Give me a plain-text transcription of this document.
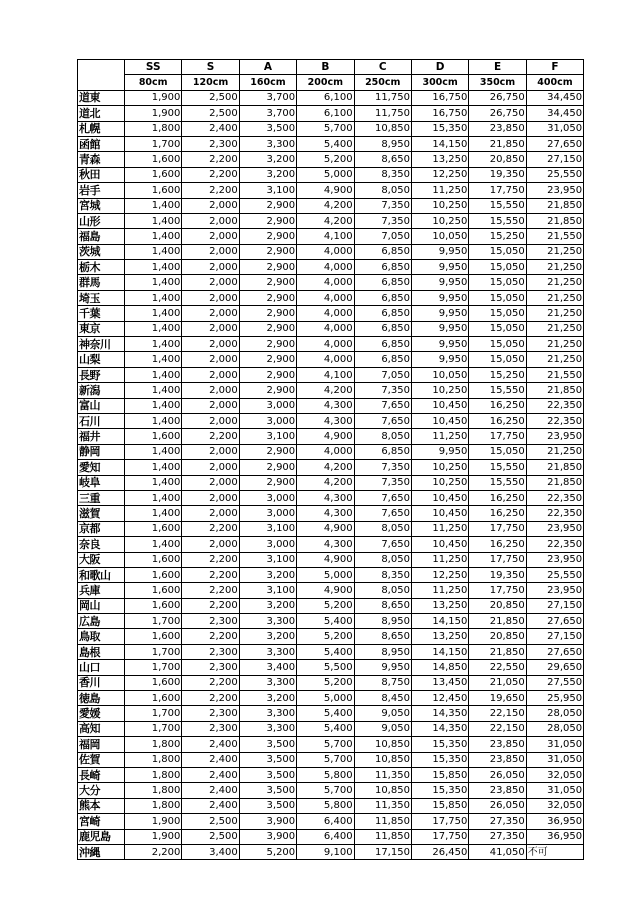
	SS	S	A	B	C	D	E	F
	80cm	120cm	160cm	200cm	250cm	300cm	350cm	400cm
道東	1,900	2,500	3,700	6,100	11,750	16,750	26,750	34,450
道北	1,900	2,500	3,700	6,100	11,750	16,750	26,750	34,450
札幌	1,800	2,400	3,500	5,700	10,850	15,350	23,850	31,050
函館	1,700	2,300	3,300	5,400	8,950	14,150	21,850	27,650
青森	1,600	2,200	3,200	5,200	8,650	13,250	20,850	27,150
秋田	1,600	2,200	3,200	5,000	8,350	12,250	19,350	25,550
岩手	1,600	2,200	3,100	4,900	8,050	11,250	17,750	23,950
宮城	1,400	2,000	2,900	4,200	7,350	10,250	15,550	21,850
山形	1,400	2,000	2,900	4,200	7,350	10,250	15,550	21,850
福島	1,400	2,000	2,900	4,100	7,050	10,050	15,250	21,550
茨城	1,400	2,000	2,900	4,000	6,850	9,950	15,050	21,250
栃木	1,400	2,000	2,900	4,000	6,850	9,950	15,050	21,250
群馬	1,400	2,000	2,900	4,000	6,850	9,950	15,050	21,250
埼玉	1,400	2,000	2,900	4,000	6,850	9,950	15,050	21,250
千葉	1,400	2,000	2,900	4,000	6,850	9,950	15,050	21,250
東京	1,400	2,000	2,900	4,000	6,850	9,950	15,050	21,250
神奈川	1,400	2,000	2,900	4,000	6,850	9,950	15,050	21,250
山梨	1,400	2,000	2,900	4,000	6,850	9,950	15,050	21,250
長野	1,400	2,000	2,900	4,100	7,050	10,050	15,250	21,550
新潟	1,400	2,000	2,900	4,200	7,350	10,250	15,550	21,850
富山	1,400	2,000	3,000	4,300	7,650	10,450	16,250	22,350
石川	1,400	2,000	3,000	4,300	7,650	10,450	16,250	22,350
福井	1,600	2,200	3,100	4,900	8,050	11,250	17,750	23,950
静岡	1,400	2,000	2,900	4,000	6,850	9,950	15,050	21,250
愛知	1,400	2,000	2,900	4,200	7,350	10,250	15,550	21,850
岐阜	1,400	2,000	2,900	4,200	7,350	10,250	15,550	21,850
三重	1,400	2,000	3,000	4,300	7,650	10,450	16,250	22,350
滋賀	1,400	2,000	3,000	4,300	7,650	10,450	16,250	22,350
京都	1,600	2,200	3,100	4,900	8,050	11,250	17,750	23,950
奈良	1,400	2,000	3,000	4,300	7,650	10,450	16,250	22,350
大阪	1,600	2,200	3,100	4,900	8,050	11,250	17,750	23,950
和歌山	1,600	2,200	3,200	5,000	8,350	12,250	19,350	25,550
兵庫	1,600	2,200	3,100	4,900	8,050	11,250	17,750	23,950
岡山	1,600	2,200	3,200	5,200	8,650	13,250	20,850	27,150
広島	1,700	2,300	3,300	5,400	8,950	14,150	21,850	27,650
鳥取	1,600	2,200	3,200	5,200	8,650	13,250	20,850	27,150
島根	1,700	2,300	3,300	5,400	8,950	14,150	21,850	27,650
山口	1,700	2,300	3,400	5,500	9,950	14,850	22,550	29,650
香川	1,600	2,200	3,300	5,200	8,750	13,450	21,050	27,550
徳島	1,600	2,200	3,200	5,000	8,450	12,450	19,650	25,950
愛媛	1,700	2,300	3,300	5,400	9,050	14,350	22,150	28,050
高知	1,700	2,300	3,300	5,400	9,050	14,350	22,150	28,050
福岡	1,800	2,400	3,500	5,700	10,850	15,350	23,850	31,050
佐賀	1,800	2,400	3,500	5,700	10,850	15,350	23,850	31,050
長崎	1,800	2,400	3,500	5,800	11,350	15,850	26,050	32,050
大分	1,800	2,400	3,500	5,700	10,850	15,350	23,850	31,050
熊本	1,800	2,400	3,500	5,800	11,350	15,850	26,050	32,050
宮崎	1,900	2,500	3,900	6,400	11,850	17,750	27,350	36,950
鹿児島	1,900	2,500	3,900	6,400	11,850	17,750	27,350	36,950
沖縄	2,200	3,400	5,200	9,100	17,150	26,450	41,050	不可
